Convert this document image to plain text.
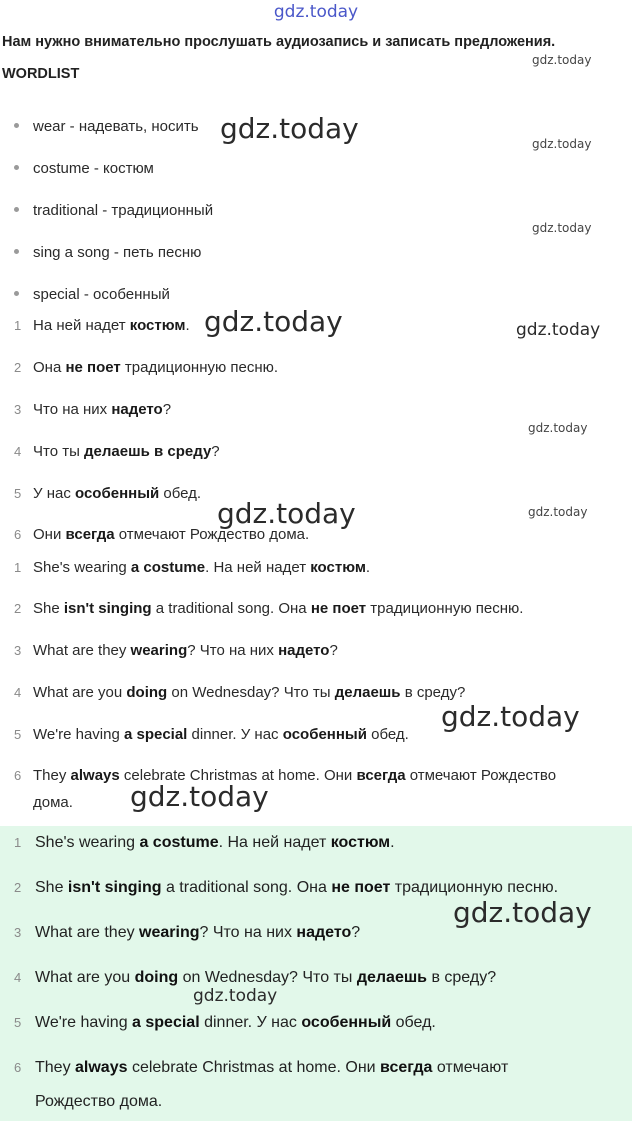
gdz.today
Нам нужно внимательно прослушать аудиозапись и записать предложения.
WORDLIST
wear - надевать, носить
costume - костюм
traditional - традиционный
sing a song - петь песню
special - особенный
1 На ней надет костюм.
2 Она не поет традиционную песню.
3 Что на них надето?
4 Что ты делаешь в среду?
5 У нас особенный обед.
6 Они всегда отмечают Рождество дома.
1 She's wearing a costume. На ней надет костюм.
2 She isn't singing a traditional song. Она не поет традиционную песню.
3 What are they wearing? Что на них надето?
4 What are you doing on Wednesday? Что ты делаешь в среду?
5 We're having a special dinner. У нас особенный обед.
6 They always celebrate Christmas at home. Они всегда отмечают Рождество
дома.
1 She's wearing a costume. На ней надет костюм.
2 She isn't singing a traditional song. Она не поет традиционную песню.
3 What are they wearing? Что на них надето?
4 What are you doing on Wednesday? Что ты делаешь в среду?
5 We're having a special dinner. У нас особенный обед.
6 They always celebrate Christmas at home. Они всегда отмечают
Рождество дома.
gdz.today
gdz.today	gdz.today
gdz.today
gdz.today	gdz.today
gdz.today
gdz.today	gdz.today
gdz.today
gdz.today
gdz.today
gdz.today
